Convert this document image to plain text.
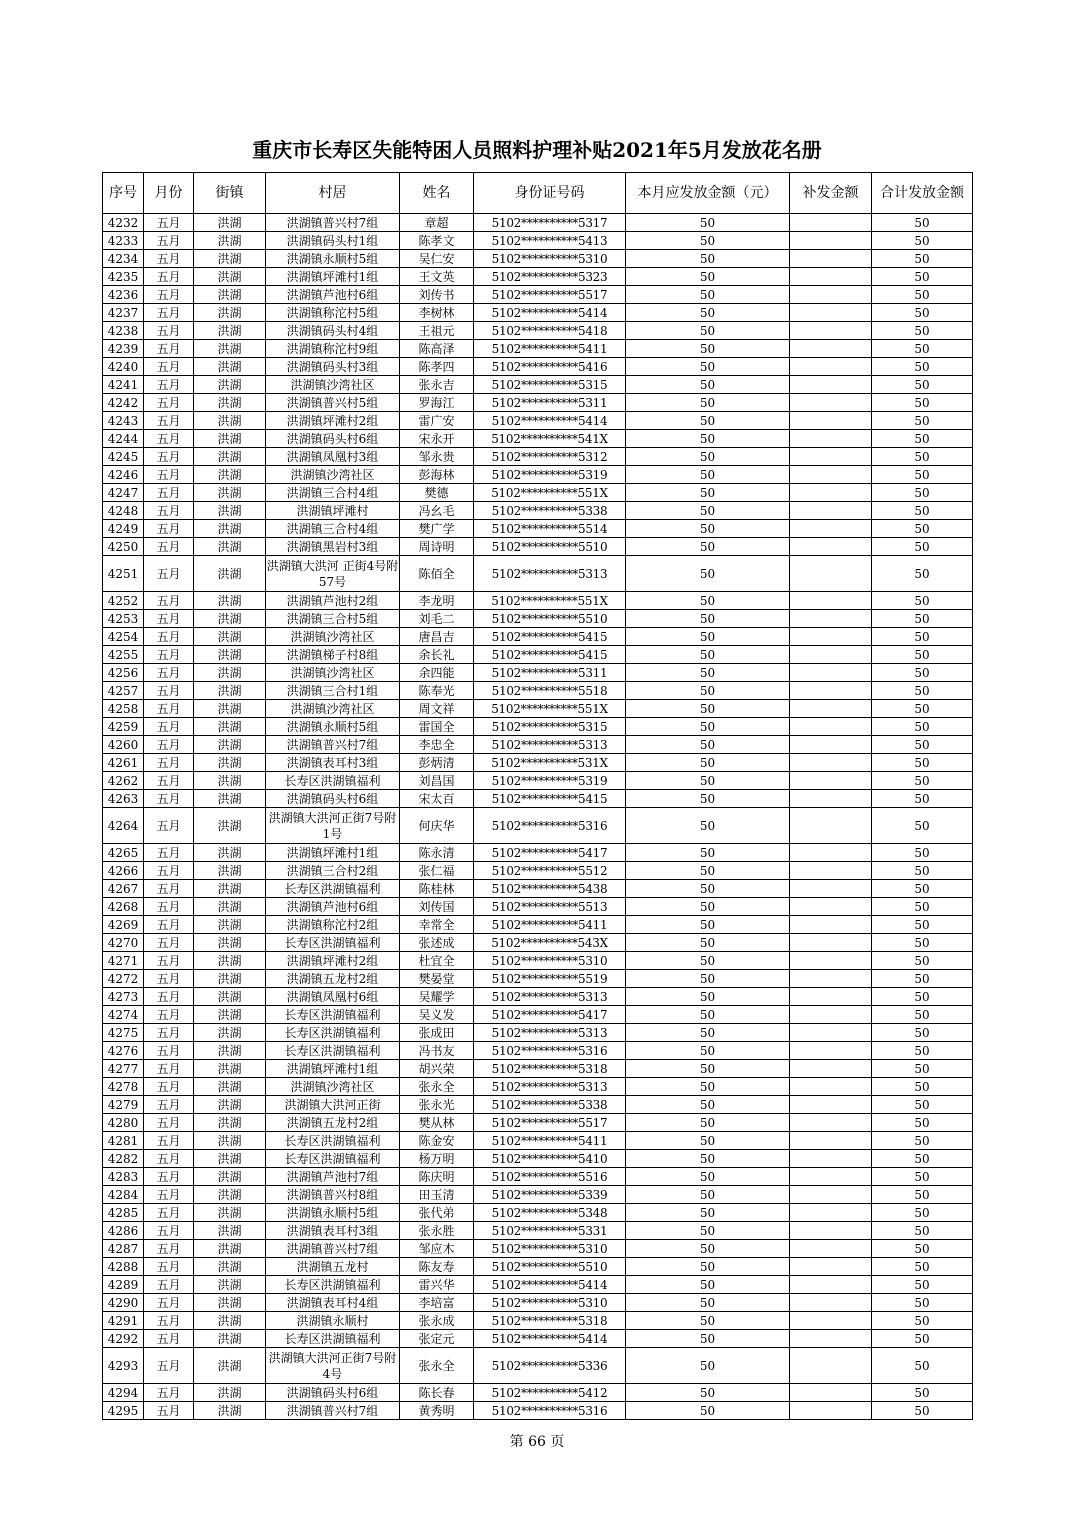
重庆市长寿区失能特困人员照料护理补贴2021年5月发放花名册
序号	月份	街镇	村居	姓名	身份证号码	本月应发放金额（元）	补发金额	合计发放金额
4232	五月	洪湖	洪湖镇普兴村7组	章超	5102**********5317	50		50
4233	五月	洪湖	洪湖镇码头村1组	陈孝文	5102**********5413	50		50
4234	五月	洪湖	洪湖镇永顺村5组	吴仁安	5102**********5310	50		50
4235	五月	洪湖	洪湖镇坪滩村1组	王文英	5102**********5323	50		50
4236	五月	洪湖	洪湖镇芦池村6组	刘传书	5102**********5517	50		50
4237	五月	洪湖	洪湖镇称沱村5组	李树林	5102**********5414	50		50
4238	五月	洪湖	洪湖镇码头村4组	王祖元	5102**********5418	50		50
4239	五月	洪湖	洪湖镇称沱村9组	陈高泽	5102**********5411	50		50
4240	五月	洪湖	洪湖镇码头村3组	陈孝四	5102**********5416	50		50
4241	五月	洪湖	洪湖镇沙湾社区	张永吉	5102**********5315	50		50
4242	五月	洪湖	洪湖镇普兴村5组	罗海江	5102**********5311	50		50
4243	五月	洪湖	洪湖镇坪滩村2组	雷广安	5102**********5414	50		50
4244	五月	洪湖	洪湖镇码头村6组	宋永开	5102**********541X	50		50
4245	五月	洪湖	洪湖镇凤凰村3组	邹永贵	5102**********5312	50		50
4246	五月	洪湖	洪湖镇沙湾社区	彭海林	5102**********5319	50		50
4247	五月	洪湖	洪湖镇三合村4组	樊德	5102**********551X	50		50
4248	五月	洪湖	洪湖镇坪滩村	冯幺毛	5102**********5338	50		50
4249	五月	洪湖	洪湖镇三合村4组	樊广学	5102**********5514	50		50
4250	五月	洪湖	洪湖镇黑岩村3组	周诗明	5102**********5510	50		50
4251	五月	洪湖	洪湖镇大洪河 正街4号附57号	陈佰全	5102**********5313	50		50
4252	五月	洪湖	洪湖镇芦池村2组	李龙明	5102**********551X	50		50
4253	五月	洪湖	洪湖镇三合村5组	刘毛二	5102**********5510	50		50
4254	五月	洪湖	洪湖镇沙湾社区	唐昌吉	5102**********5415	50		50
4255	五月	洪湖	洪湖镇梯子村8组	余长礼	5102**********5415	50		50
4256	五月	洪湖	洪湖镇沙湾社区	余四能	5102**********5311	50		50
4257	五月	洪湖	洪湖镇三合村1组	陈奉光	5102**********5518	50		50
4258	五月	洪湖	洪湖镇沙湾社区	周文祥	5102**********551X	50		50
4259	五月	洪湖	洪湖镇永顺村5组	雷国全	5102**********5315	50		50
4260	五月	洪湖	洪湖镇普兴村7组	李忠全	5102**********5313	50		50
4261	五月	洪湖	洪湖镇表耳村3组	彭炳清	5102**********531X	50		50
4262	五月	洪湖	长寿区洪湖镇福利	刘昌国	5102**********5319	50		50
4263	五月	洪湖	洪湖镇码头村6组	宋太百	5102**********5415	50		50
4264	五月	洪湖	洪湖镇大洪河正街7号附1号	何庆华	5102**********5316	50		50
4265	五月	洪湖	洪湖镇坪滩村1组	陈永清	5102**********5417	50		50
4266	五月	洪湖	洪湖镇三合村2组	张仁福	5102**********5512	50		50
4267	五月	洪湖	长寿区洪湖镇福利	陈桂林	5102**********5438	50		50
4268	五月	洪湖	洪湖镇芦池村6组	刘传国	5102**********5513	50		50
4269	五月	洪湖	洪湖镇称沱村2组	幸常全	5102**********5411	50		50
4270	五月	洪湖	长寿区洪湖镇福利	张述成	5102**********543X	50		50
4271	五月	洪湖	洪湖镇坪滩村2组	杜宜全	5102**********5310	50		50
4272	五月	洪湖	洪湖镇五龙村2组	樊晏堂	5102**********5519	50		50
4273	五月	洪湖	洪湖镇凤凰村6组	吴耀学	5102**********5313	50		50
4274	五月	洪湖	长寿区洪湖镇福利	吴义发	5102**********5417	50		50
4275	五月	洪湖	长寿区洪湖镇福利	张成田	5102**********5313	50		50
4276	五月	洪湖	长寿区洪湖镇福利	冯书友	5102**********5316	50		50
4277	五月	洪湖	洪湖镇坪滩村1组	胡兴荣	5102**********5318	50		50
4278	五月	洪湖	洪湖镇沙湾社区	张永全	5102**********5313	50		50
4279	五月	洪湖	洪湖镇大洪河正街	张永光	5102**********5338	50		50
4280	五月	洪湖	洪湖镇五龙村2组	樊从林	5102**********5517	50		50
4281	五月	洪湖	长寿区洪湖镇福利	陈金安	5102**********5411	50		50
4282	五月	洪湖	长寿区洪湖镇福利	杨万明	5102**********5410	50		50
4283	五月	洪湖	洪湖镇芦池村7组	陈庆明	5102**********5516	50		50
4284	五月	洪湖	洪湖镇普兴村8组	田玉清	5102**********5339	50		50
4285	五月	洪湖	洪湖镇永顺村5组	张代弟	5102**********5348	50		50
4286	五月	洪湖	洪湖镇表耳村3组	张永胜	5102**********5331	50		50
4287	五月	洪湖	洪湖镇普兴村7组	邹应木	5102**********5310	50		50
4288	五月	洪湖	洪湖镇五龙村	陈友寿	5102**********5510	50		50
4289	五月	洪湖	长寿区洪湖镇福利	雷兴华	5102**********5414	50		50
4290	五月	洪湖	洪湖镇表耳村4组	李培富	5102**********5310	50		50
4291	五月	洪湖	洪湖镇永顺村	张永成	5102**********5318	50		50
4292	五月	洪湖	长寿区洪湖镇福利	张定元	5102**********5414	50		50
4293	五月	洪湖	洪湖镇大洪河正街7号附4号	张永全	5102**********5336	50		50
4294	五月	洪湖	洪湖镇码头村6组	陈长春	5102**********5412	50		50
4295	五月	洪湖	洪湖镇普兴村7组	黄秀明	5102**********5316	50		50
第 66 页
